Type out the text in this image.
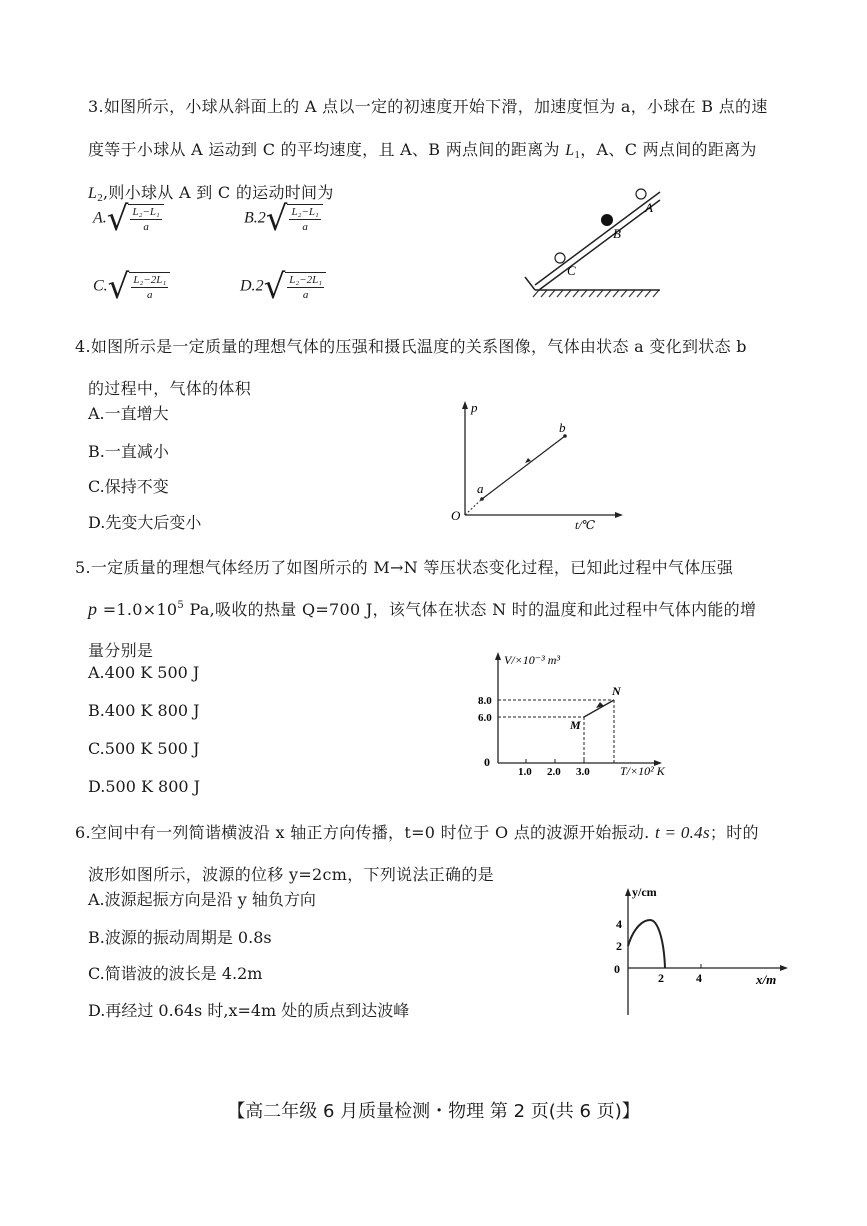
3.如图所示，小球从斜面上的 A 点以一定的初速度开始下滑，加速度恒为 a，小球在 B 点的速
度等于小球从 A 运动到 C 的平均速度，且 A、B 两点间的距离为 $L_1$，A、C 两点间的距离为
$L_2$,则小球从 A 到 C 的运动时间为
$A.√ \frac{\text{L₂−L₁}}{a}$	$B.2√ \frac{\text{L₂−L₁}}{a}$
$C.√ \frac{\text{L₂−2L₁}}{a}$	$D.2√ \frac{\text{L₂−2L₁}}{a}$
A
B
C
4.如图所示是一定质量的理想气体的压强和摄氏温度的关系图像，气体由状态 a 变化到状态 b
的过程中，气体的体积
A.一直增大
B.一直减小
C.保持不变
D.先变大后变小
p
t/℃
O
a
b
5.一定质量的理想气体经历了如图所示的 M→N 等压状态变化过程，已知此过程中气体压强
$p =1.0\times 10^5$ Pa,吸收的热量 Q=700 J，该气体在状态 N 时的温度和此过程中气体内能的增
量分别是
A.400 K 500 J
B.400 K 800 J
C.500 K 500 J
D.500 K 800 J
V/×10⁻³ m³
T/×10² K
0
8.0
6.0
1.0 2.0 3.0
M
N
6.空间中有一列简谐横波沿 x 轴正方向传播，t=0 时位于 O 点的波源开始振动. t = 0.4s；时的
波形如图所示，波源的位移 y=2cm，下列说法正确的是
A.波源起振方向是沿 y 轴负方向
B.波源的振动周期是 0.8s
C.简谐波的波长是 4.2m
D.再经过 0.64s 时,x=4m 处的质点到达波峰
y/cm
x/m
0
4
2
2	4
【高二年级 6 月质量检测・物理 第 2 页(共 6 页)】
